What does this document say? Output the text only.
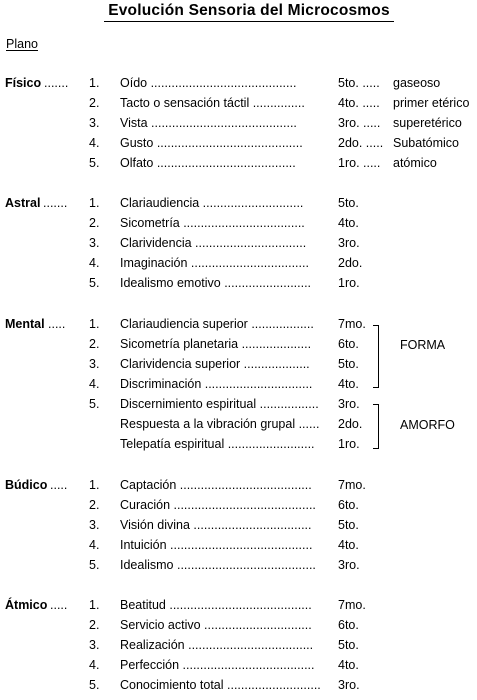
Evolución Sensoria del Microcosmos
Plano
Físico ....... 1. Oído ..........................................	5to. ..... gaseoso
2. Tacto o sensación táctil ...............	4to. ..... primer etérico
3. Vista ..........................................	3ro. ..... superetérico
4. Gusto ..........................................	2do. ..... Subatómico
5. Olfato ........................................	1ro. ..... atómico
Astral ....... 1. Clariaudiencia .............................	5to.
2. Sicometría ...................................	4to.
3. Clarividencia ................................	3ro.
4. Imaginación .................................. 2do.
5. Idealismo emotivo ......................... 1ro.
Mental ..... 1. Clariaudiencia superior .................. 7mo.
2. Sicometría planetaria .................... 6to.
3. Clarividencia superior ................... 5to.
4. Discriminación ............................... 4to.
5. Discernimiento espiritual ................. 3ro.
Respuesta a la vibración grupal ...... 2do.
Telepatía espiritual ......................... 1ro.
FORMA
AMORFO
Búdico ..... 1. Captación ...................................... 7mo.
2. Curación ......................................... 6to.
3. Visión divina .................................. 5to.
4. Intuición ......................................... 4to.
5. Idealismo ........................................ 3ro.
Átmico ..... 1. Beatitud ......................................... 7mo.
2. Servicio activo ............................... 6to.
3. Realización .................................... 5to.
4. Perfección ...................................... 4to.
5. Conocimiento total ........................... 3ro.
